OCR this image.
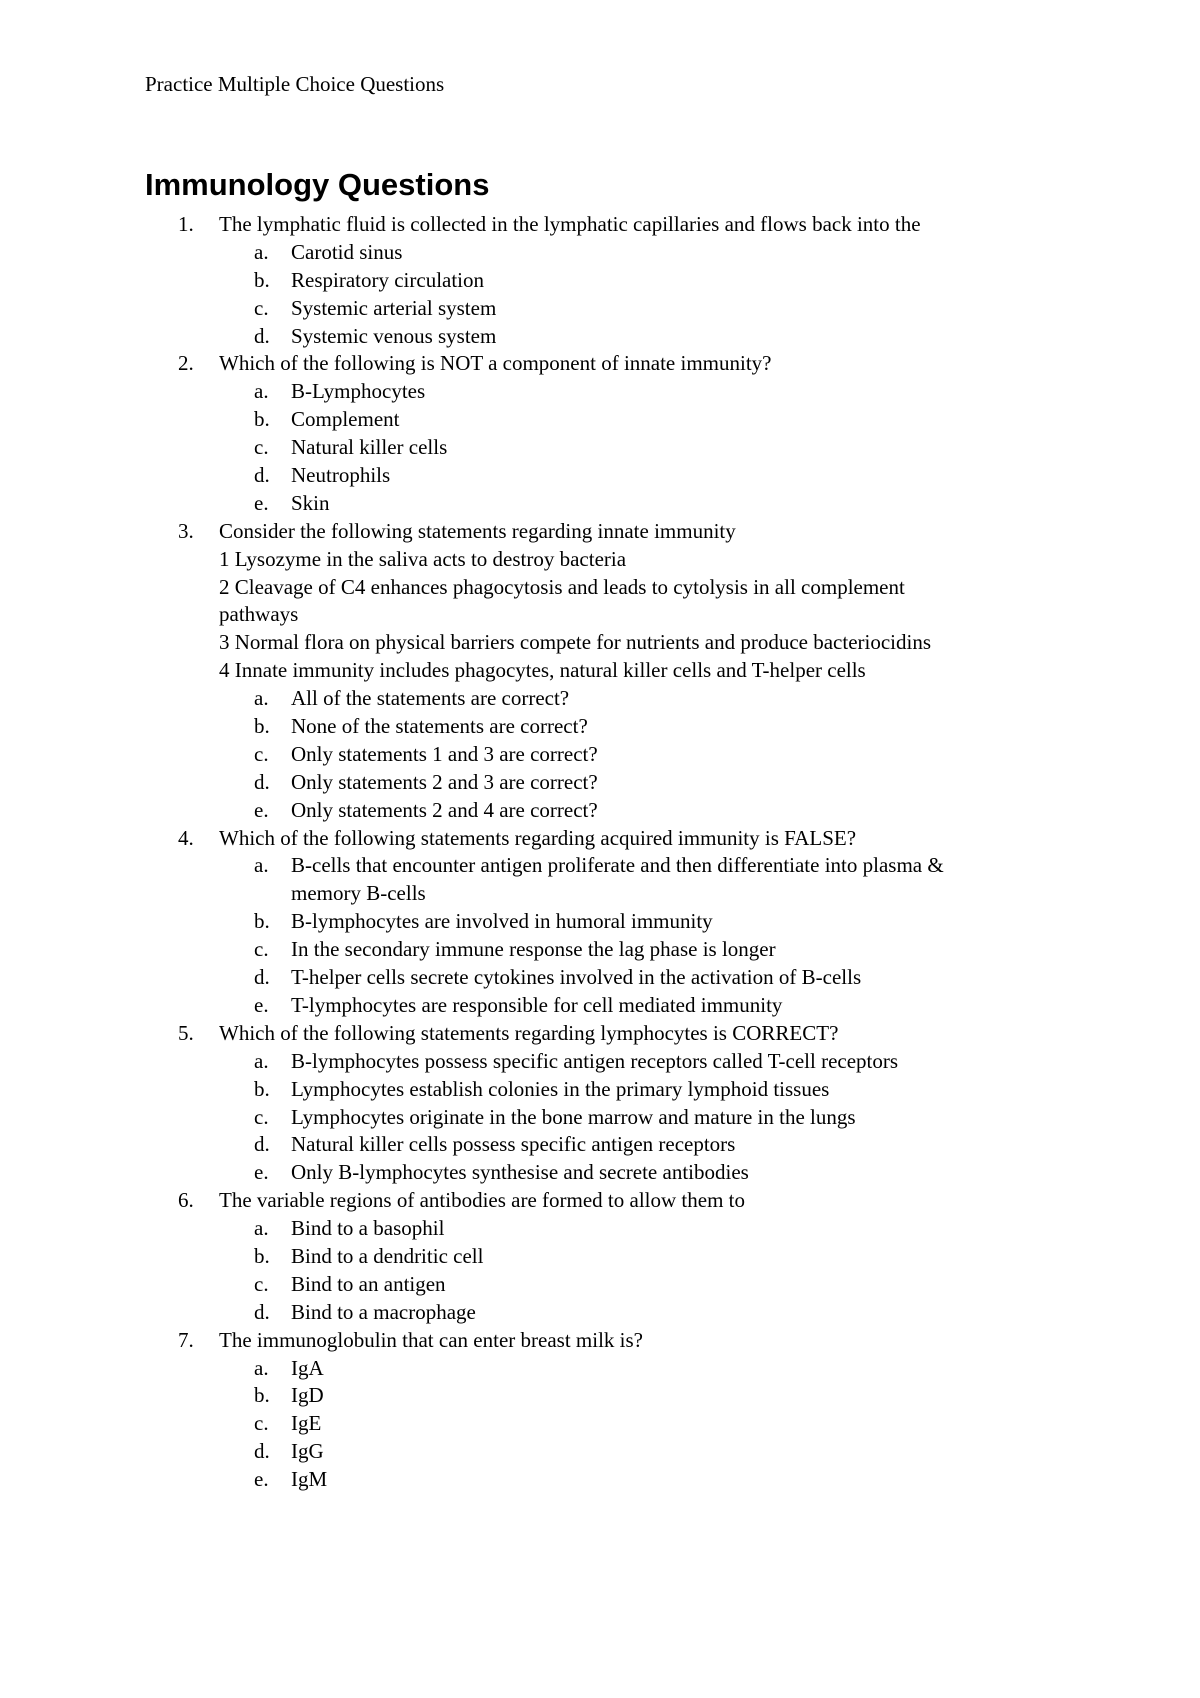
Practice Multiple Choice Questions
Immunology Questions
1. The lymphatic fluid is collected in the lymphatic capillaries and flows back into the
a.	Carotid sinus
b. Respiratory circulation
c.	Systemic arterial system
d. Systemic venous system
2. Which of the following is NOT a component of innate immunity?
a.	B-Lymphocytes
b. Complement
c.	Natural killer cells
d. Neutrophils
e.	Skin
3. Consider the following statements regarding innate immunity
1 Lysozyme in the saliva acts to destroy bacteria
2 Cleavage of C4 enhances phagocytosis and leads to cytolysis in all complement
pathways
3 Normal flora on physical barriers compete for nutrients and produce bacteriocidins
4 Innate immunity includes phagocytes, natural killer cells and T-helper cells
a.	All of the statements are correct?
b. None of the statements are correct?
c.	Only statements 1 and 3 are correct?
d. Only statements 2 and 3 are correct?
e.	Only statements 2 and 4 are correct?
4. Which of the following statements regarding acquired immunity is FALSE?
a.	B-cells that encounter antigen proliferate and then differentiate into plasma &
memory B-cells
b. B-lymphocytes are involved in humoral immunity
c.	In the secondary immune response the lag phase is longer
d. T-helper cells secrete cytokines involved in the activation of B-cells
e.	T-lymphocytes are responsible for cell mediated immunity
5. Which of the following statements regarding lymphocytes is CORRECT?
a.	B-lymphocytes possess specific antigen receptors called T-cell receptors
b. Lymphocytes establish colonies in the primary lymphoid tissues
c.	Lymphocytes originate in the bone marrow and mature in the lungs
d. Natural killer cells possess specific antigen receptors
e.	Only B-lymphocytes synthesise and secrete antibodies
6. The variable regions of antibodies are formed to allow them to
a.	Bind to a basophil
b. Bind to a dendritic cell
c.	Bind to an antigen
d. Bind to a macrophage
7. The immunoglobulin that can enter breast milk is?
a.	IgA
b. IgD
c.	IgE
d. IgG
e.	IgM
